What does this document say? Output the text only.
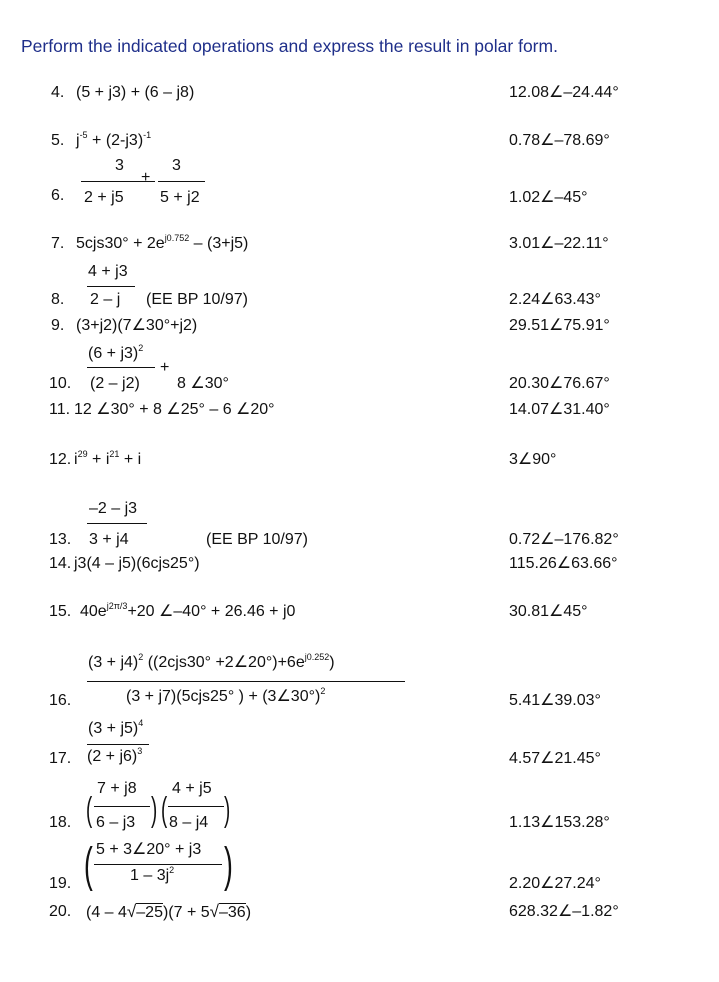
Perform the indicated operations and express the result in polar form.
4. (5 + j3) + (6 – j8)	12.08∠–24.44°
5. $j^{-5} + (2-j3)^{-1}$	0.78∠–78.69°
6.
3
2 + j5
+
3
5 + j2	1.02∠–45°
7. $5cjs30^\circ + 2e^{j0.752} - (3+j5)$	3.01∠–22.11°
8.
4 + j3
2 – j (EE BP 10/97)	2.24∠63.43°
9. (3+j2)(7∠30°+j2)	29.51∠75.91°
10.
$(6 + j3)^2$
+
(2 – j2) 8 ∠30°	20.30∠76.67°
11. 12 ∠30° + 8 ∠25° – 6 ∠20°	14.07∠31.40°
12. $i^{29} + i^{21} + i$	3∠90°
13.
–2 – j3
3 + j4	(EE BP 10/97)	0.72∠–176.82°
14. j3(4 – j5)(6cjs25°)	115.26∠63.66°
15. $40e^{j2\pi/3}+20$ ∠–40° + 26.46 + j0	30.81∠45°
16.
$(3 + j4)^2$ $((2cjs30^\circ +2\angle 20^\circ)+6e^{j0.252})$
(3 + j7)(5cjs25° ) + (3∠30°)$^2$
5.41∠39.03°
17.
$(3 + j5)^4$
$(2 + j6)^3$	4.57∠21.45°
18. (
7 + j8
6 – j3 ) (
4 + j5
8 – j4 )	1.13∠153.28°
19. ( 5 + 3∠20° + j3
$1 - 3j^2$ )	2.20∠27.24°
20. (4 – 4√–25)(7 + 5√–36)	628.32∠–1.82°
